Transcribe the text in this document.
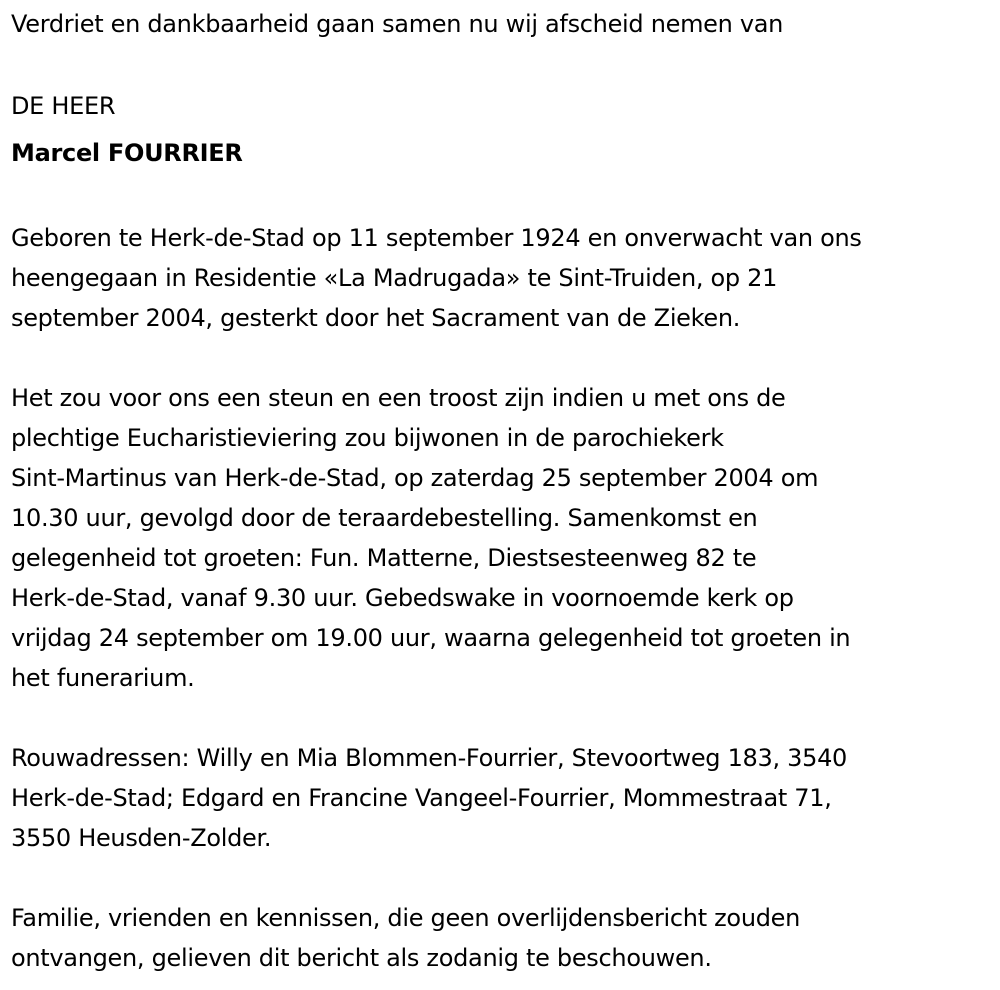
Verdriet en dankbaarheid gaan samen nu wij afscheid nemen van

DE HEER

Marcel FOURRIER

Geboren te Herk-de-Stad op 11 september 1924 en onverwacht van ons

heengegaan in Residentie «La Madrugada» te Sint-Truiden, op 21

september 2004, gesterkt door het Sacrament van de Zieken.

Het zou voor ons een steun en een troost zijn indien u met ons de

plechtige Eucharistieviering zou bijwonen in de parochiekerk

Sint-Martinus van Herk-de-Stad, op zaterdag 25 september 2004 om

10.30 uur, gevolgd door de teraardebestelling. Samenkomst en

gelegenheid tot groeten: Fun. Matterne, Diestsesteenweg 82 te

Herk-de-Stad, vanaf 9.30 uur. Gebedswake in voornoemde kerk op

vrijdag 24 september om 19.00 uur, waarna gelegenheid tot groeten in

het funerarium.

Rouwadressen: Willy en Mia Blommen-Fourrier, Stevoortweg 183, 3540

Herk-de-Stad; Edgard en Francine Vangeel-Fourrier, Mommestraat 71,

3550 Heusden-Zolder.

Familie, vrienden en kennissen, die geen overlijdensbericht zouden

ontvangen, gelieven dit bericht als zodanig te beschouwen.
